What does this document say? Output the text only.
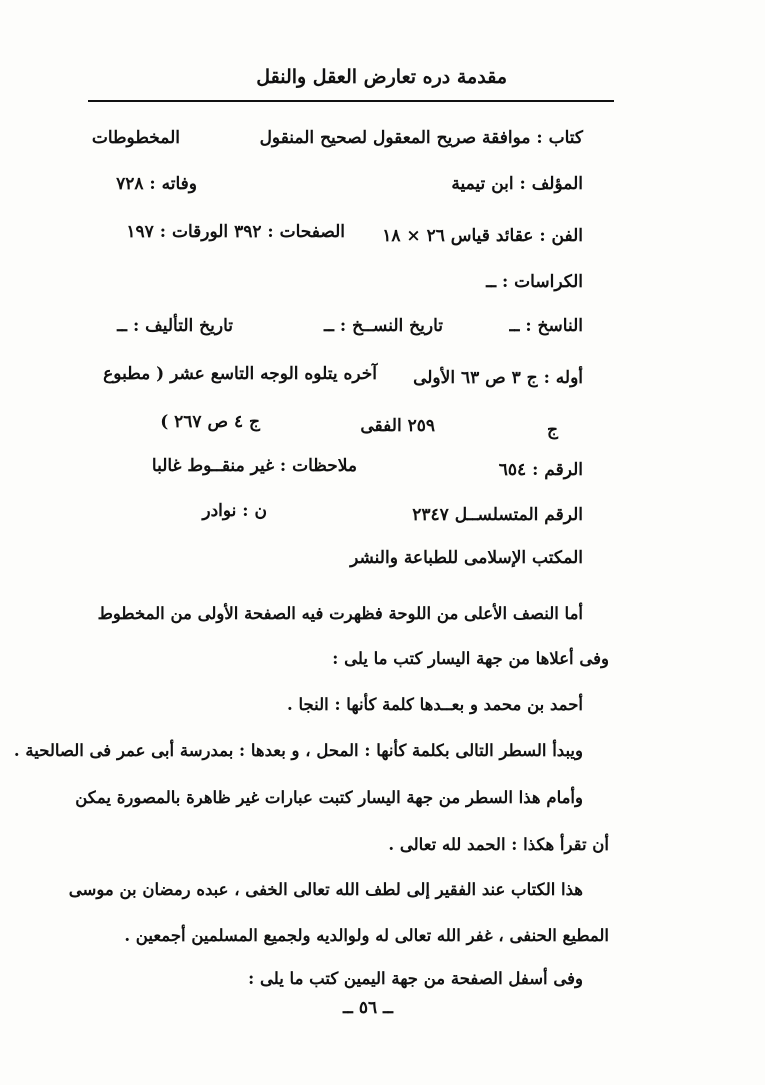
مقدمة دره تعارض العقل والنقل
كتاب : موافقة صريح المعقول لصحيح المنقول
المخطوطات
المؤلف : ابن تيمية
وفاته : ٧٢٨
الفن : عقائد قياس ٢٦ × ١٨
الصفحات : ٣٩٢ الورقات : ١٩٧
الكراسات : ــ
الناسخ : ــ
تاريخ النســخ : ــ
تاريخ التأليف : ــ
أوله : ج ٣ ص ٦٣ الأولى
آخره يتلوه الوجه التاسع عشر ( مطبوع
ج
٢٥٩ الفقى
ج ٤ ص ٢٦٧ )
الرقم : ٦٥٤
ملاحظات : غير منقــوط غالبا
الرقم المتسلســل ٢٣٤٧
ن : نوادر
المكتب الإسلامى للطباعة والنشر
أما النصف الأعلى من اللوحة فظهرت فيه الصفحة الأولى من المخطوط
وفى أعلاها من جهة اليسار كتب ما يلى :
أحمد بن محمد و بعــدها كلمة كأنها : النجا .
ويبدأ السطر التالى بكلمة كأنها : المحل ، و بعدها : بمدرسة أبى عمر فى الصالحية .
وأمام هذا السطر من جهة اليسار كتبت عبارات غير ظاهرة بالمصورة يمكن
أن تقرأ هكذا : الحمد لله تعالى .
هذا الكتاب عند الفقير إلى لطف الله تعالى الخفى ، عبده رمضان بن موسى
المطيع الحنفى ، غفر الله تعالى له ولوالديه ولجميع المسلمين أجمعين .
وفى أسفل الصفحة من جهة اليمين كتب ما يلى :
ــ ٥٦ ــ
